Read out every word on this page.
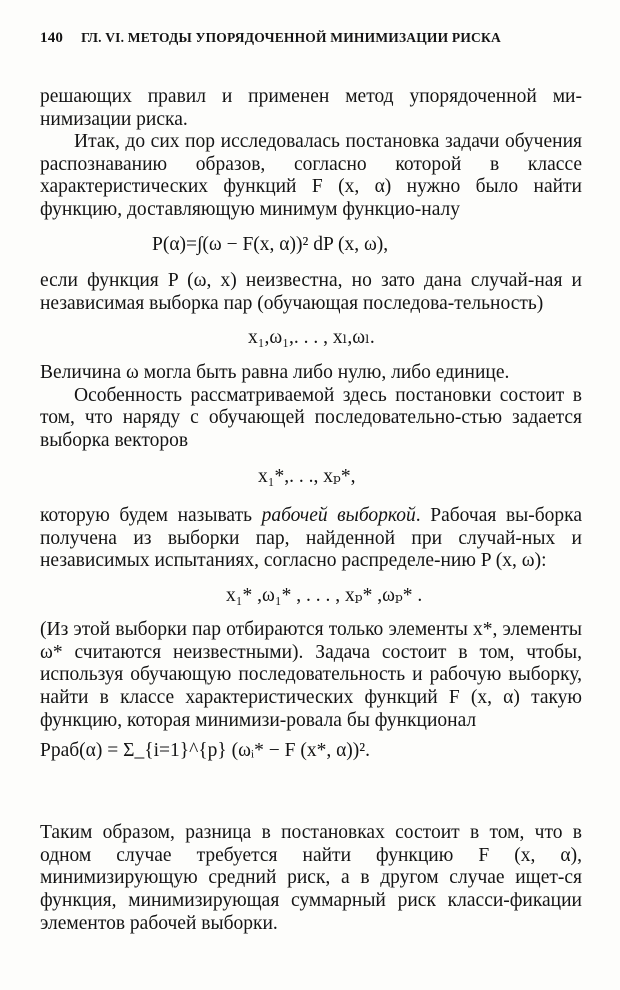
140 ГЛ. VI. МЕТОДЫ УПОРЯДОЧЕННОЙ МИНИМИЗАЦИИ РИСКА

решающих правил и применен метод упорядоченной ми-нимизации риска.

Итак, до сих пор исследовалась постановка задачи обучения распознаванию образов, согласно которой в классе характеристических функций F (x, α) нужно было найти функцию, доставляющую минимум функцио-налу

P(α)=∫(ω − F(x, α))² dP (x, ω),

если функция P (ω, x) неизвестна, но зато дана случай-ная и независимая выборка пар (обучающая последова-тельность)

x₁,ω₁,. . . , xₗ,ωₗ.

Величина ω могла быть равна либо нулю, либо единице.

Особенность рассматриваемой здесь постановки состоит в том, что наряду с обучающей последовательно-стью задается выборка векторов

x₁*,. . ., xₚ*,

которую будем называть рабочей выборкой. Рабочая вы-борка получена из выборки пар, найденной при случай-ных и независимых испытаниях, согласно распределе-нию P (x, ω):

x₁* ,ω₁* , . . . , xₚ* ,ωₚ* .

(Из этой выборки пар отбираются только элементы x*, элементы ω* считаются неизвестными). Задача состоит в том, чтобы, используя обучающую последовательность и рабочую выборку, найти в классе характеристических функций F (x, α) такую функцию, которая минимизи-ровала бы функционал

Pраб(α) = Σ_{i=1}^{p} (ωᵢ* − F (x*, α))².

Таким образом, разница в постановках состоит в том, что в одном случае требуется найти функцию F (x, α), минимизирующую средний риск, а в другом случае ищет-ся функция, минимизирующая суммарный риск класси-фикации элементов рабочей выборки.
